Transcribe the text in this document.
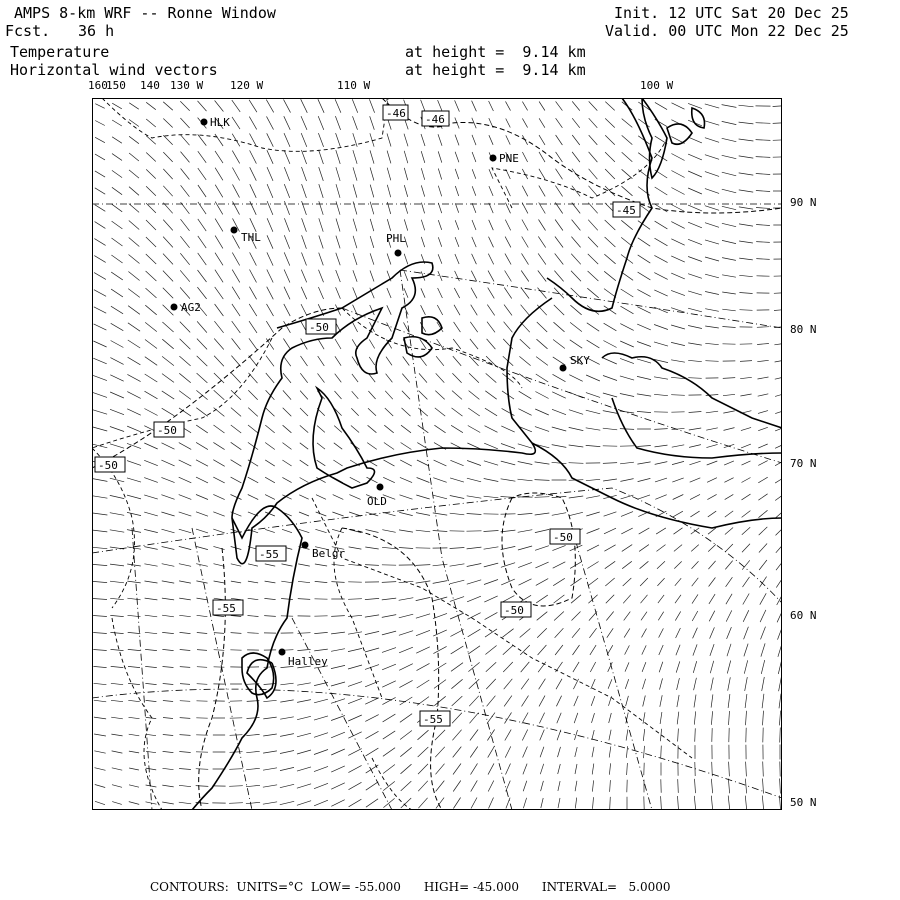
AMPS 8-km WRF -- Ronne Window
Fcst. 36 h
Init. 12 UTC Sat 20 Dec 25
Valid. 00 UTC Mon 22 Dec 25
Temperature
Horizontal wind vectors
at height =  9.14 km
at height =  9.14 km
160
150 140 130 W 120 W	110 W	100 W
90 N
80 N
70 N
60 N
50 N
HLK
PNE
THL	PHL
AG2
SKY
OLD
Belgr
Halley
-46 -46
-45
-50
-50
-50
-55
-55
-50
-50
-55
CONTOURS: UNITS=°C LOW= -55.000 HIGH= -45.000 INTERVAL=   5.0000
